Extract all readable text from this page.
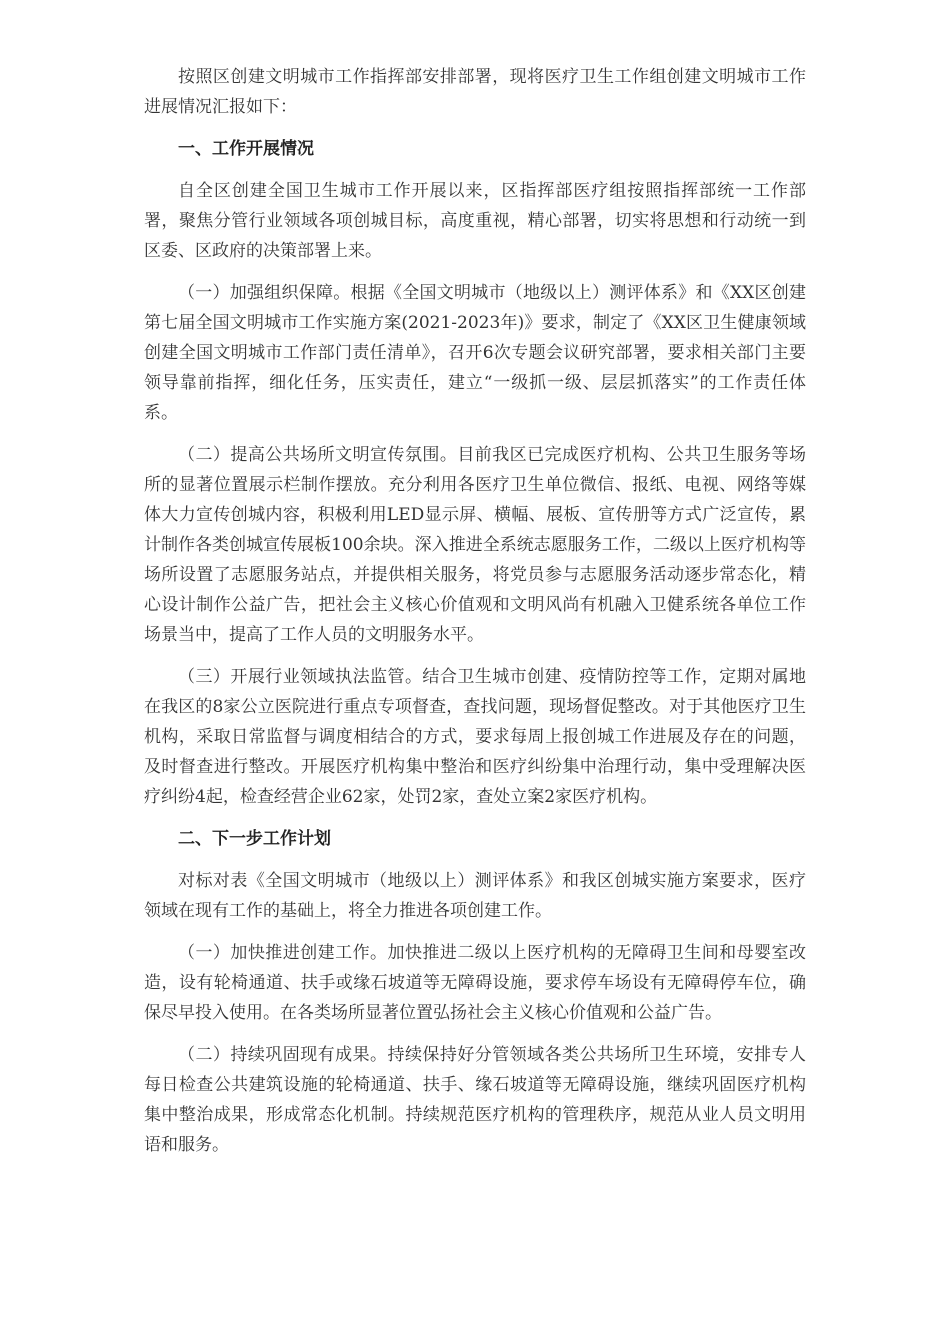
按照区创建文明城市工作指挥部安排部署，现将医疗卫生工作组创建文明城市工作进展情况汇报如下：

一、工作开展情况

自全区创建全国卫生城市工作开展以来，区指挥部医疗组按照指挥部统一工作部署，聚焦分管行业领域各项创城目标，高度重视，精心部署，切实将思想和行动统一到区委、区政府的决策部署上来。

（一）加强组织保障。根据《全国文明城市（地级以上）测评体系》和《XX区创建第七届全国文明城市工作实施方案(2021-2023年)》要求，制定了《XX区卫生健康领域创建全国文明城市工作部门责任清单》，召开6次专题会议研究部署，要求相关部门主要领导靠前指挥，细化任务，压实责任，建立“一级抓一级、层层抓落实”的工作责任体系。

（二）提高公共场所文明宣传氛围。目前我区已完成医疗机构、公共卫生服务等场所的显著位置展示栏制作摆放。充分利用各医疗卫生单位微信、报纸、电视、网络等媒体大力宣传创城内容，积极利用LED显示屏、横幅、展板、宣传册等方式广泛宣传，累计制作各类创城宣传展板100余块。深入推进全系统志愿服务工作，二级以上医疗机构等场所设置了志愿服务站点，并提供相关服务，将党员参与志愿服务活动逐步常态化，精心设计制作公益广告，把社会主义核心价值观和文明风尚有机融入卫健系统各单位工作场景当中，提高了工作人员的文明服务水平。

（三）开展行业领域执法监管。结合卫生城市创建、疫情防控等工作，定期对属地在我区的8家公立医院进行重点专项督查，查找问题，现场督促整改。对于其他医疗卫生机构，采取日常监督与调度相结合的方式，要求每周上报创城工作进展及存在的问题，及时督查进行整改。开展医疗机构集中整治和医疗纠纷集中治理行动，集中受理解决医疗纠纷4起，检查经营企业62家，处罚2家，查处立案2家医疗机构。

二、下一步工作计划

对标对表《全国文明城市（地级以上）测评体系》和我区创城实施方案要求，医疗领域在现有工作的基础上，将全力推进各项创建工作。

（一）加快推进创建工作。加快推进二级以上医疗机构的无障碍卫生间和母婴室改造，设有轮椅通道、扶手或缘石坡道等无障碍设施，要求停车场设有无障碍停车位，确保尽早投入使用。在各类场所显著位置弘扬社会主义核心价值观和公益广告。

（二）持续巩固现有成果。持续保持好分管领域各类公共场所卫生环境，安排专人每日检查公共建筑设施的轮椅通道、扶手、缘石坡道等无障碍设施，继续巩固医疗机构集中整治成果，形成常态化机制。持续规范医疗机构的管理秩序，规范从业人员文明用语和服务。
